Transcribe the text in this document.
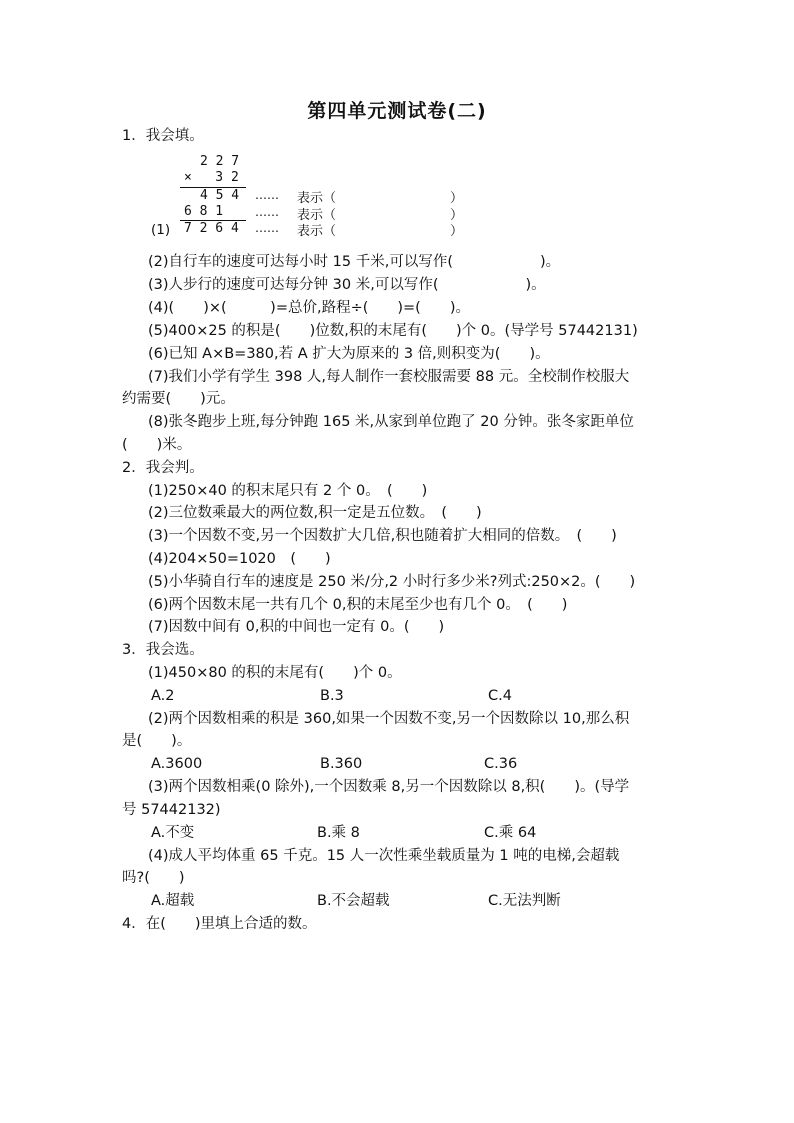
第四单元测试卷(二)
1．我会填。
2 2 7
×   3 2
4 5 4
6 8 1
7 2 6 4
…… 表示（	）
…… 表示（	）
…… 表示（	）
(1)
(2)自行车的速度可达每小时 15 千米,可以写作(　　　　　　)。
(3)人步行的速度可达每分钟 30 米,可以写作(　　　　　　)。
(4)(　　)×(　　　)=总价,路程÷(　　)=(　　)。
(5)400×25 的积是(　　)位数,积的末尾有(　　)个 0。(导学号 57442131)
(6)已知 A×B=380,若 A 扩大为原来的 3 倍,则积变为(　　)。
(7)我们小学有学生 398 人,每人制作一套校服需要 88 元。全校制作校服大
约需要(　　)元。
(8)张冬跑步上班,每分钟跑 165 米,从家到单位跑了 20 分钟。张冬家距单位
(　　)米。
2．我会判。
(1)250×40 的积末尾只有 2 个 0。　(　　)
(2)三位数乘最大的两位数,积一定是五位数。　(　　)
(3)一个因数不变,另一个因数扩大几倍,积也随着扩大相同的倍数。　(　　)
(4)204×50=1020　(　　)
(5)小华骑自行车的速度是 250 米/分,2 小时行多少米?列式:250×2。(　　)
(6)两个因数末尾一共有几个 0,积的末尾至少也有几个 0。　(　　)
(7)因数中间有 0,积的中间也一定有 0。(　　)
3．我会选。
(1)450×80 的积的末尾有(　　)个 0。
A.2	B.3	C.4
(2)两个因数相乘的积是 360,如果一个因数不变,另一个因数除以 10,那么积
是(　　)。
A.3600	B.360	C.36
(3)两个因数相乘(0 除外),一个因数乘 8,另一个因数除以 8,积(　　)。(导学
号 57442132)
A.不变	B.乘 8	C.乘 64
(4)成人平均体重 65 千克。15 人一次性乘坐载质量为 1 吨的电梯,会超载
吗?(　　)
A.超载	B.不会超载	C.无法判断
4．在(　　)里填上合适的数。
